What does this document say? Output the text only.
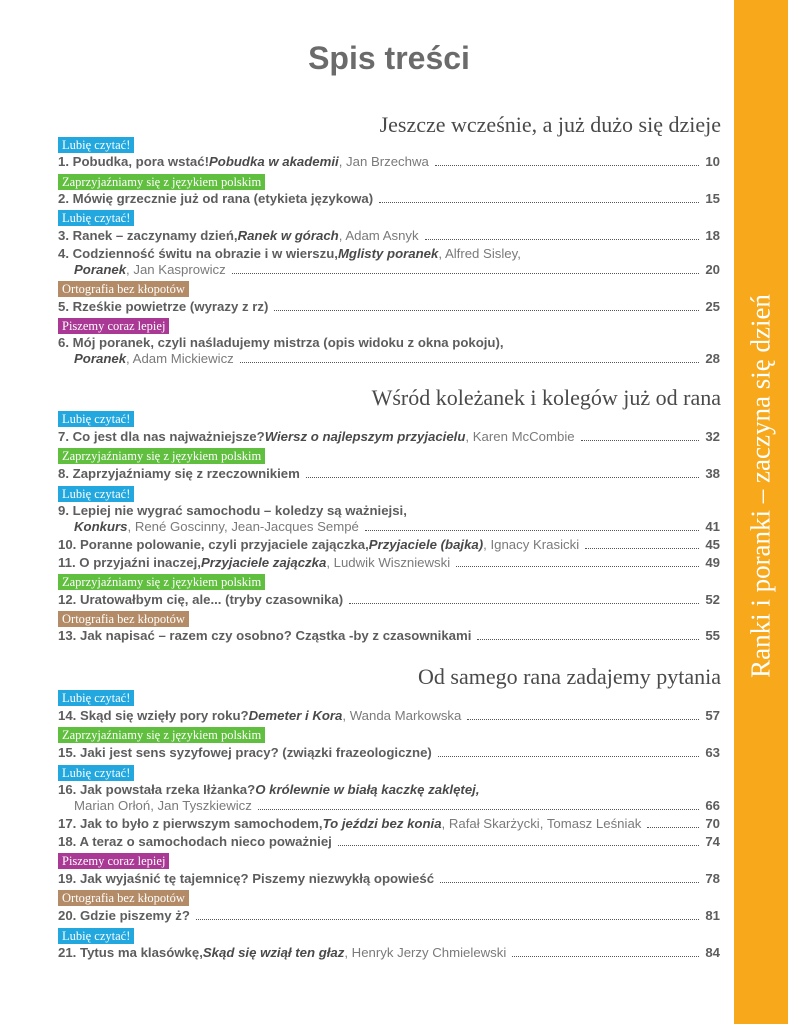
Ranki i poranki – zaczyna się dzień
Spis treści
Jeszcze wcześnie, a już dużo się dzieje
Wśród koleżanek i kolegów już od rana
Od samego rana zadajemy pytania
Lubię czytać!
Zaprzyjaźniamy się z językiem polskim
Lubię czytać!
Ortografia bez kłopotów
Piszemy coraz lepiej
Lubię czytać!
Zaprzyjaźniamy się z językiem polskim
Lubię czytać!
Zaprzyjaźniamy się z językiem polskim
Ortografia bez kłopotów
Lubię czytać!
Zaprzyjaźniamy się z językiem polskim
Lubię czytać!
Piszemy coraz lepiej
Ortografia bez kłopotów
Lubię czytać!
1. Pobudka, pora wstać! Pobudka w akademii , Jan Brzechwa	10
2. Mówię grzecznie już od rana (etykieta językowa)	15
3. Ranek – zaczynamy dzień, Ranek w górach , Adam Asnyk	18
4. Codzienność świtu na obrazie i w wierszu, Mglisty poranek , Alfred Sisley,
Poranek , Jan Kasprowicz	20
5. Rześkie powietrze (wyrazy z rz)	25
6. Mój poranek, czyli naśladujemy mistrza (opis widoku z okna pokoju),
Poranek , Adam Mickiewicz	28
7. Co jest dla nas najważniejsze? Wiersz o najlepszym przyjacielu , Karen McCombie	32
8. Zaprzyjaźniamy się z rzeczownikiem	38
9. Lepiej nie wygrać samochodu – koledzy są ważniejsi,
Konkurs , René Goscinny, Jean-Jacques Sempé	41
10. Poranne polowanie, czyli przyjaciele zajączka, Przyjaciele (bajka) , Ignacy Krasicki	45
11. O przyjaźni inaczej, Przyjaciele zajączka , Ludwik Wiszniewski	49
12. Uratowałbym cię, ale... (tryby czasownika)	52
13. Jak napisać – razem czy osobno? Cząstka -by z czasownikami	55
14. Skąd się wzięły pory roku? Demeter i Kora , Wanda Markowska	57
15. Jaki jest sens syzyfowej pracy? (związki frazeologiczne)	63
16. Jak powstała rzeka Iłżanka? O królewnie w białą kaczkę zaklętej,
Marian Orłoń, Jan Tyszkiewicz	66
17. Jak to było z pierwszym samochodem, To jeździ bez konia , Rafał Skarżycki, Tomasz Leśniak	70
18. A teraz o samochodach nieco poważniej	74
19. Jak wyjaśnić tę tajemnicę? Piszemy niezwykłą opowieść	78
20. Gdzie piszemy ż?	81
21. Tytus ma klasówkę, Skąd się wziął ten głaz , Henryk Jerzy Chmielewski	84
